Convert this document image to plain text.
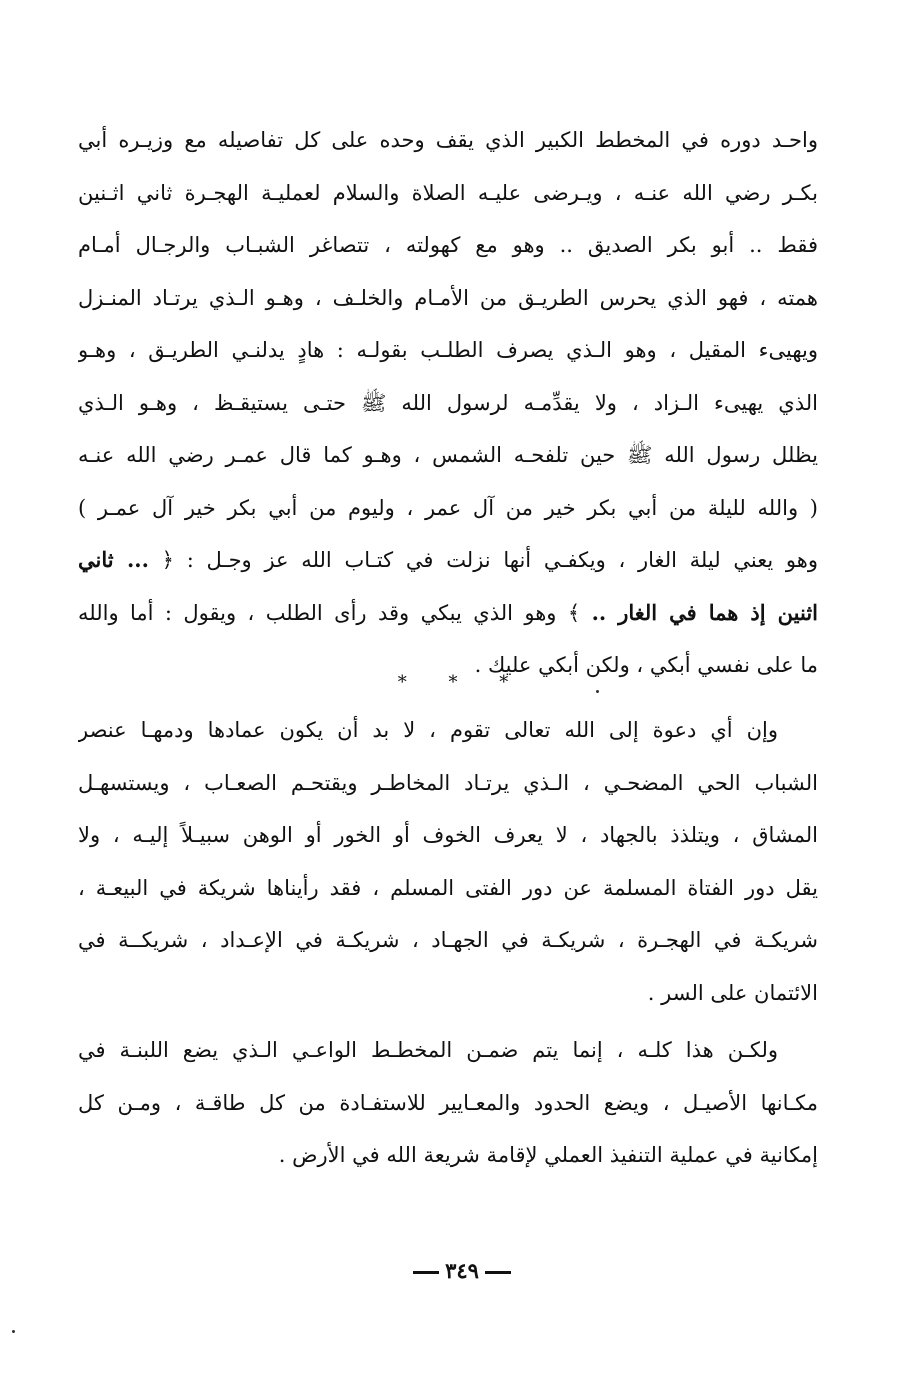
واحـد دوره في المخطط الكبير الذي يقف وحده على كل تفاصيله مع وزيـره أبي
بكـر رضي الله عنـه ، ويـرضى عليـه الصلاة والسلام لعمليـة الهجـرة ثاني اثـنين
فقط .. أبو بكر الصديق .. وهو مع كهولته ، تتصاغر الشبـاب والرجـال أمـام
همته ، فهو الذي يحرس الطريـق من الأمـام والخلـف ، وهـو الـذي يرتـاد المنـزل
ويهيىء المقيل ، وهو الـذي يصرف الطلـب بقولـه : هادٍ يدلنـي الطريـق ، وهـو
الذي يهيىء الـزاد ، ولا يقدِّمـه لرسول الله ﷺ حتـى يستيقـظ ، وهـو الـذي
يظلل رسول الله ﷺ حين تلفحـه الشمس ، وهـو كما قال عمـر رضي الله عنـه
( والله لليلة من أبي بكر خير من آل عمر ، وليوم من أبي بكر خير آل عمـر )
وهو يعني ليلة الغار ، ويكفـي أنها نزلت في كتـاب الله عز وجـل : ﴿ ... ثاني
اثنين إذ هما في الغار .. ﴾ وهو الذي يبكي وقد رأى الطلب ، ويقول : أما والله
ما على نفسي أبكي ، ولكن أبكي عليك .
* * *
وإن أي دعوة إلى الله تعالى تقوم ، لا بد أن يكون عمادها ودمهـا عنصر
الشباب الحي المضحـي ، الـذي يرتـاد المخاطـر ويقتحـم الصعـاب ، ويستسهـل
المشاق ، ويتلذذ بالجهاد ، لا يعرف الخوف أو الخور أو الوهن سبيـلاً إليـه ، ولا
يقل دور الفتاة المسلمة عن دور الفتى المسلم ، فقد رأيناها شريكة في البيعـة ،
شريكـة في الهجـرة ، شريكـة في الجهـاد ، شريكـة في الإعـداد ، شريكــة في
الائتمان على السر .
ولكـن هذا كلـه ، إنما يتم ضمـن المخطـط الواعـي الـذي يضع اللبنـة في
مكـانها الأصيـل ، ويضع الحدود والمعـايير للاستفـادة من كل طاقـة ، ومـن كل
إمكانية في عملية التنفيذ العملي لإقامة شريعة الله في الأرض .
٣٤٩
